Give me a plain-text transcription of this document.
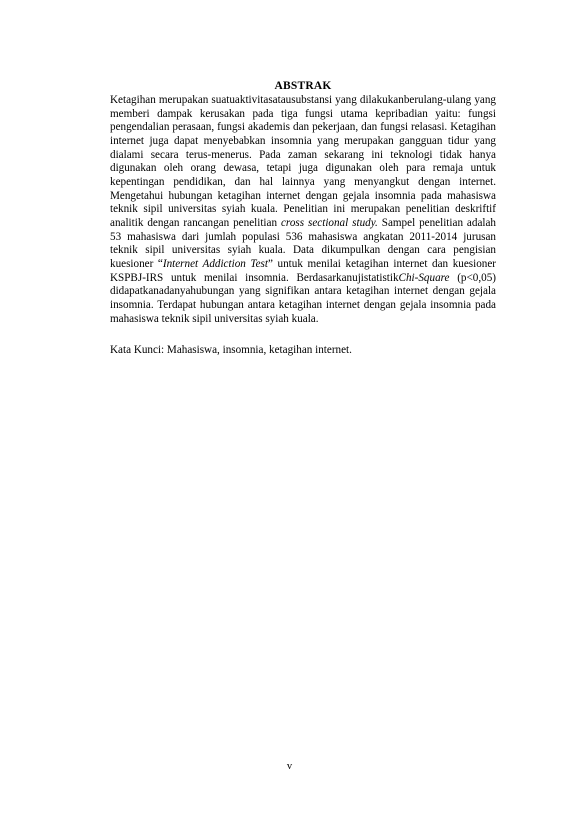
ABSTRAK

Ketagihan merupakan suatuaktivitasatausubstansi yang dilakukanberulang-ulang yang memberi dampak kerusakan pada tiga fungsi utama kepribadian yaitu: fungsi pengendalian perasaan, fungsi akademis dan pekerjaan, dan fungsi relasasi. Ketagihan internet juga dapat menyebabkan insomnia yang merupakan gangguan tidur yang dialami secara terus-menerus. Pada zaman sekarang ini teknologi tidak hanya digunakan oleh orang dewasa, tetapi juga digunakan oleh para remaja untuk kepentingan pendidikan, dan hal lainnya yang menyangkut dengan internet. Mengetahui hubungan ketagihan internet dengan gejala insomnia pada mahasiswa teknik sipil universitas syiah kuala. Penelitian ini merupakan penelitian deskriftif analitik dengan rancangan penelitian cross sectional study. Sampel penelitian adalah 53 mahasiswa dari jumlah populasi 536 mahasiswa angkatan 2011-2014 jurusan teknik sipil universitas syiah kuala. Data dikumpulkan dengan cara pengisian kuesioner “Internet Addiction Test” untuk menilai ketagihan internet dan kuesioner KSPBJ-IRS untuk menilai insomnia. BerdasarkanujistatistikChi-Square (p<0,05) didapatkanadanyahubungan yang signifikan antara ketagihan internet dengan gejala insomnia. Terdapat hubungan antara ketagihan internet dengan gejala insomnia pada mahasiswa teknik sipil universitas syiah kuala.

Kata Kunci: Mahasiswa, insomnia, ketagihan internet.

v
